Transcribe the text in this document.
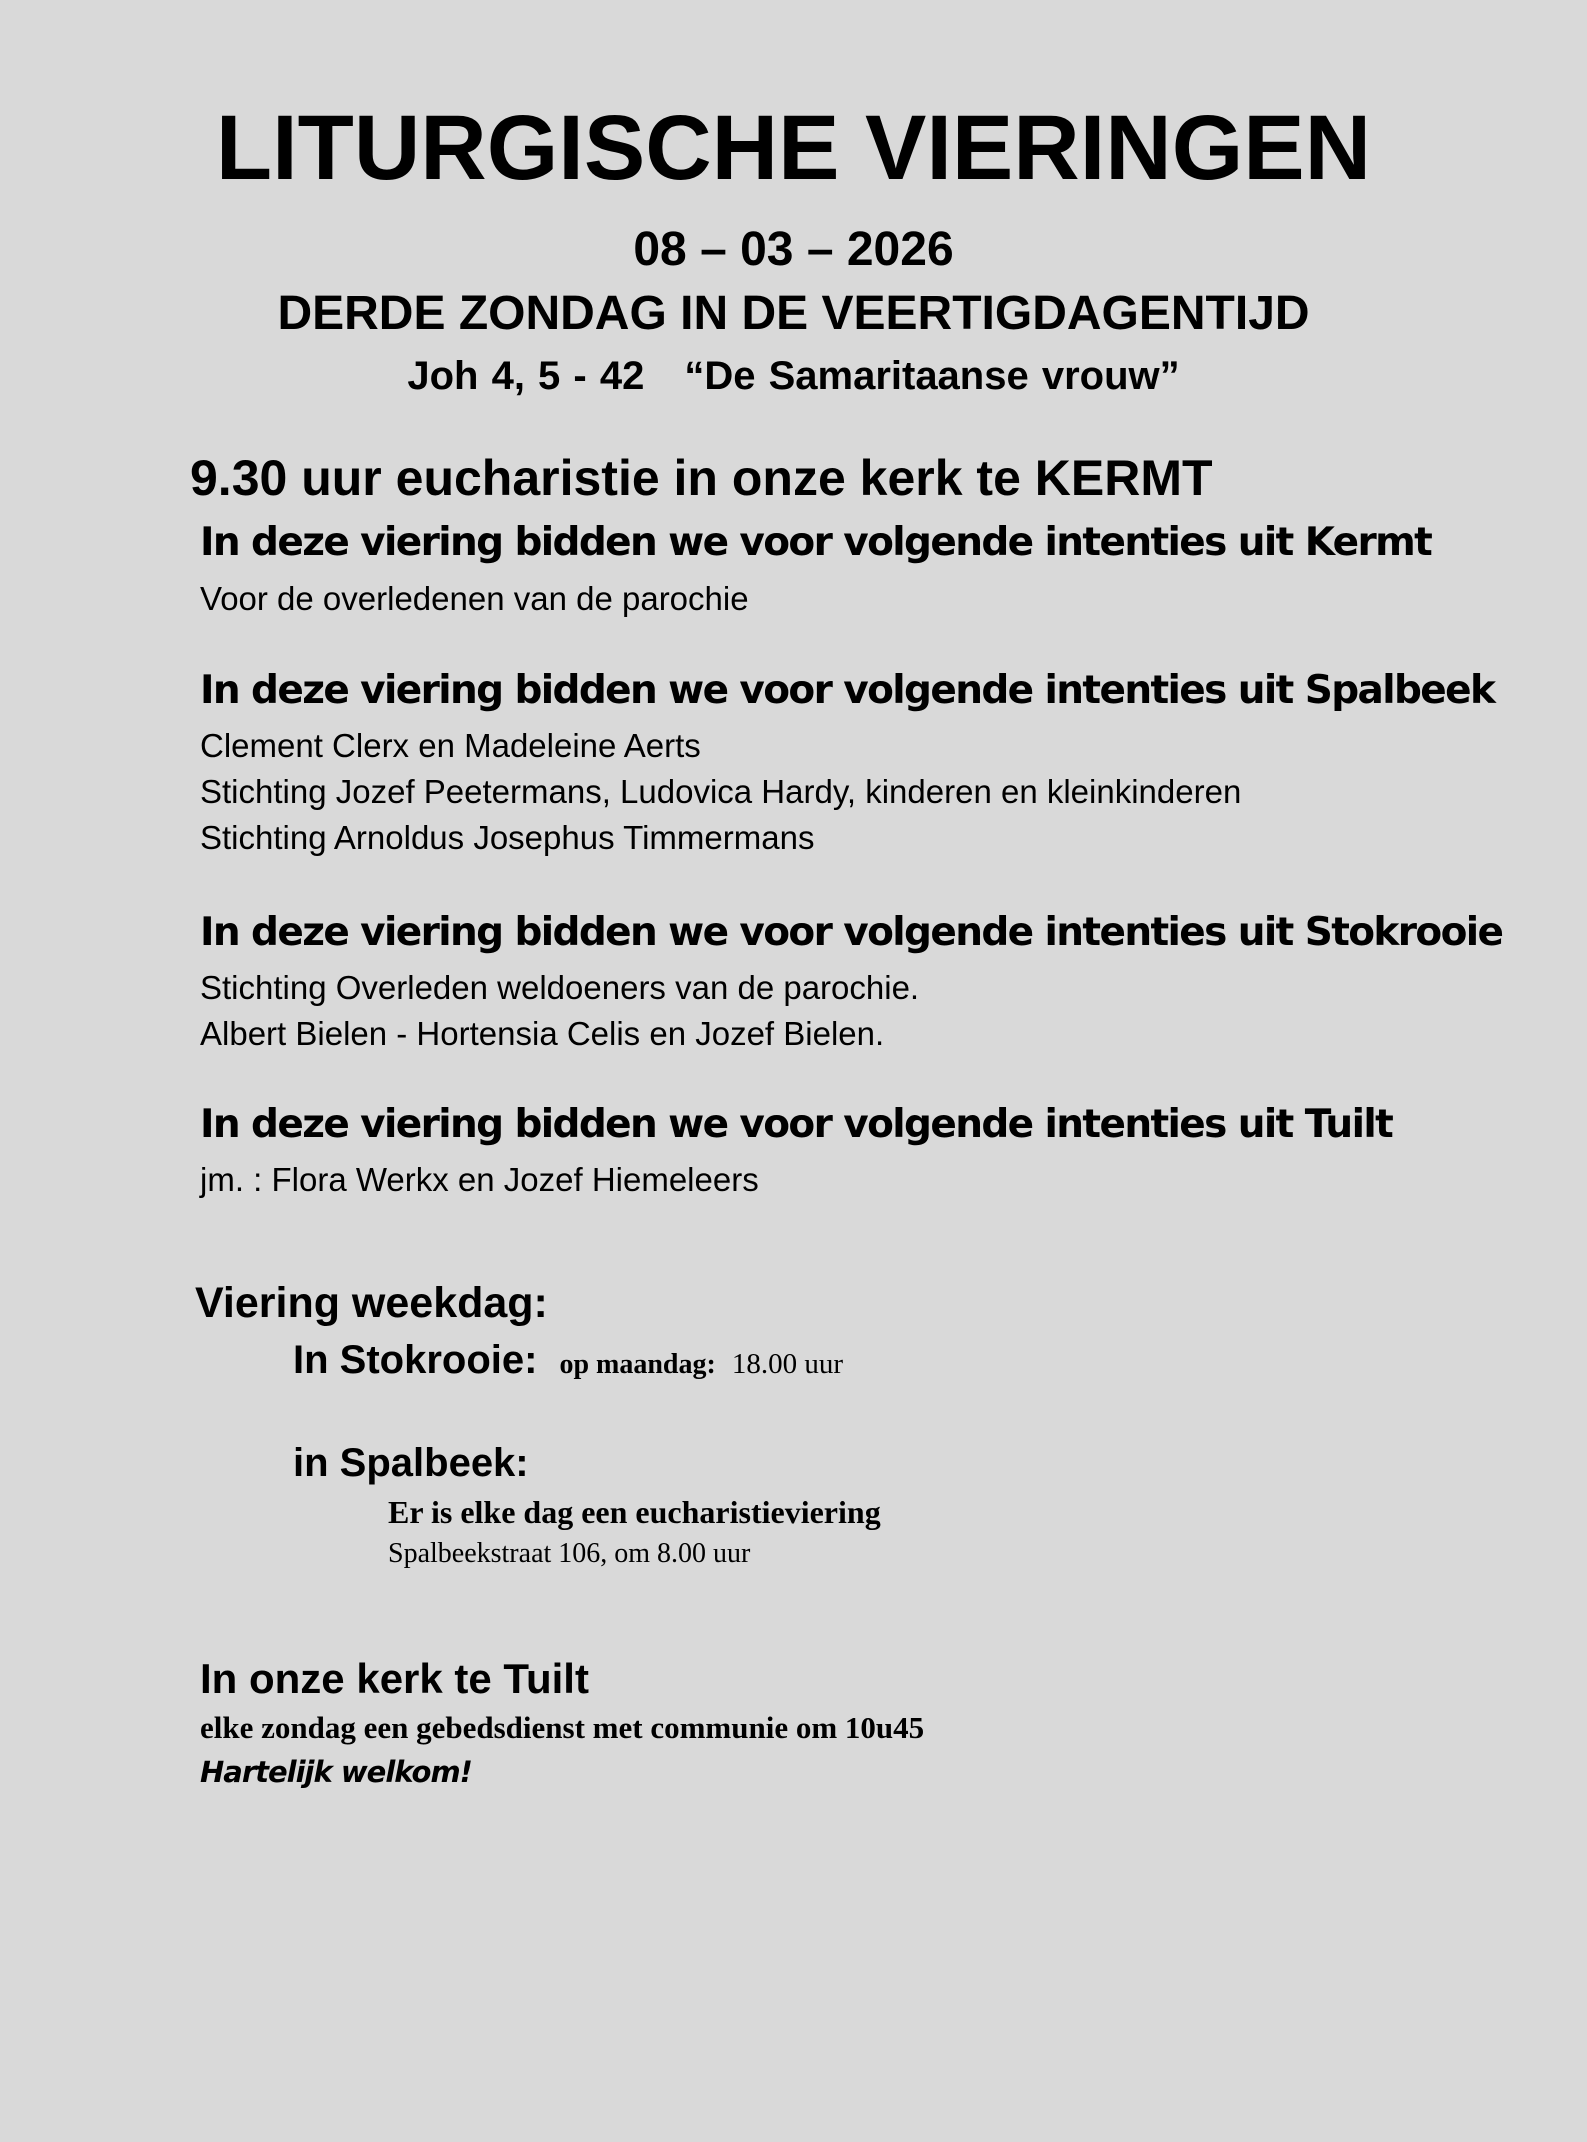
LITURGISCHE VIERINGEN
08 – 03 – 2026
DERDE ZONDAG IN DE VEERTIGDAGENTIJD
Joh 4, 5 - 42 “De Samaritaanse vrouw”
9.30 uur eucharistie in onze kerk te KERMT
In deze viering bidden we voor volgende intenties uit Kermt
Voor de overledenen van de parochie
In deze viering bidden we voor volgende intenties uit Spalbeek
Clement Clerx en Madeleine Aerts
Stichting Jozef Peetermans, Ludovica Hardy, kinderen en kleinkinderen
Stichting Arnoldus Josephus Timmermans
In deze viering bidden we voor volgende intenties uit Stokrooie
Stichting Overleden weldoeners van de parochie.
Albert Bielen - Hortensia Celis en Jozef Bielen.
In deze viering bidden we voor volgende intenties uit Tuilt
jm. : Flora Werkx en Jozef Hiemeleers
Viering weekdag:
In Stokrooie: op maandag: 18.00 uur
in Spalbeek:
Er is elke dag een eucharistieviering
Spalbeekstraat 106, om 8.00 uur
In onze kerk te Tuilt
elke zondag een gebedsdienst met communie om 10u45
Hartelijk welkom!
